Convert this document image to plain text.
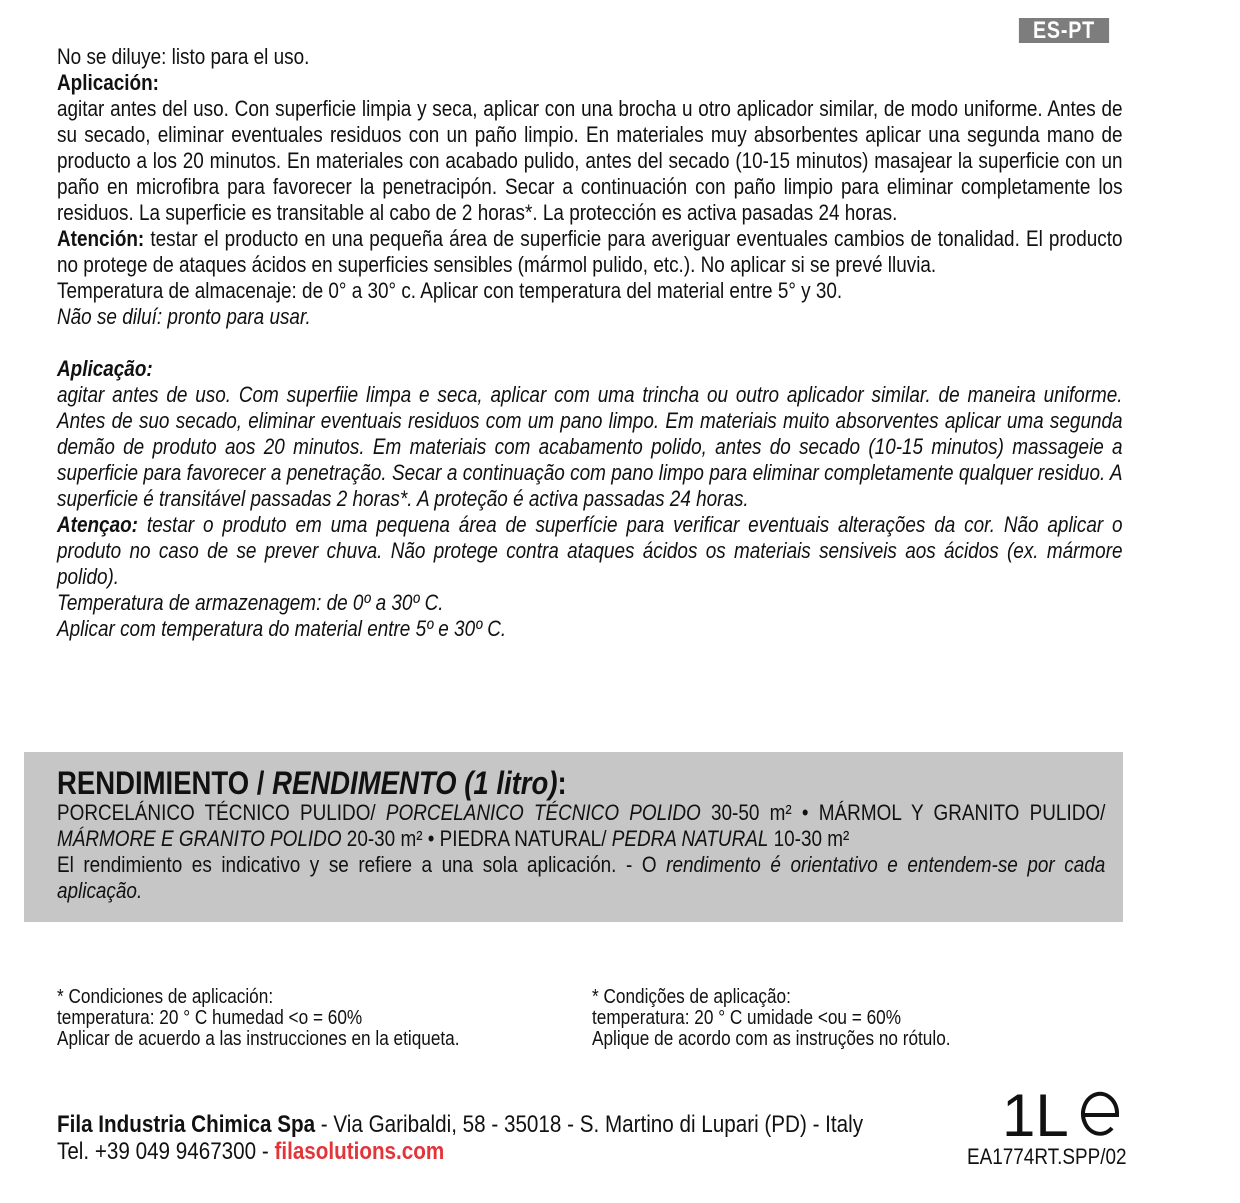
ES-PT

No se diluye: listo para el uso.

Aplicación:

agitar antes del uso. Con superficie limpia y seca, aplicar con una brocha u otro aplicador similar, de modo uniforme. Antes de su secado, eliminar eventuales residuos con un paño limpio. En materiales muy absorbentes aplicar una segunda mano de producto a los 20 minutos. En materiales con acabado pulido, antes del secado (10-15 minutos) masajear la superficie con un paño en microfibra para favorecer la penetracipón. Secar a continuación con paño limpio para eliminar completamente los residuos. La superficie es transitable al cabo de 2 horas*. La protección es activa pasadas 24 horas.

Atención: testar el producto en una pequeña área de superficie para averiguar eventuales cambios de tonalidad. El producto no protege de ataques ácidos en superficies sensibles (mármol pulido, etc.). No aplicar si se prevé lluvia.

Temperatura de almacenaje: de 0° a 30° c. Aplicar con temperatura del material entre 5° y 30.

Não se diluí: pronto para usar.

Aplicação:

agitar antes de uso. Com superfiie limpa e seca, aplicar com uma trincha ou outro aplicador similar. de maneira uniforme. Antes de suo secado, eliminar eventuais residuos com um pano limpo. Em materiais muito absorventes aplicar uma segunda demão de produto aos 20 minutos. Em materiais com acabamento polido, antes do secado (10-15 minutos) massageie a superficie para favorecer a penetração. Secar a continuação com pano limpo para eliminar completamente qualquer residuo. A superficie é transitável passadas 2 horas*. A proteção é activa passadas 24 horas.

Atençao: testar o produto em uma pequena área de superfície para verificar eventuais alterações da cor. Não aplicar o produto no caso de se prever chuva. Não protege contra ataques ácidos os materiais sensiveis aos ácidos (ex. mármore polido).

Temperatura de armazenagem: de 0º a 30º C.

Aplicar com temperatura do material entre 5º e 30º C.

RENDIMIENTO / RENDIMENTO (1 litro):

PORCELÁNICO TÉCNICO PULIDO/ PORCELANICO TÉCNICO POLIDO 30-50 m² • MÁRMOL Y GRANITO PULIDO/ MÁRMORE E GRANITO POLIDO 20-30 m² • PIEDRA NATURAL/ PEDRA NATURAL 10-30 m²

El rendimiento es indicativo y se refiere a una sola aplicación. - O rendimento é orientativo e entendem-se por cada aplicação.

* Condiciones de aplicación:
temperatura: 20 ° C humedad <o = 60%
Aplicar de acuerdo a las instrucciones en la etiqueta.
* Condições de aplicação:
temperatura: 20 ° C umidade <ou = 60%
Aplique de acordo com as instruções no rótulo.
Fila Industria Chimica Spa - Via Garibaldi, 58 - 35018 - S. Martino di Lupari (PD) - Italy
Tel. +39 049 9467300 - filasolutions.com
1L
EA1774RT.SPP/02
